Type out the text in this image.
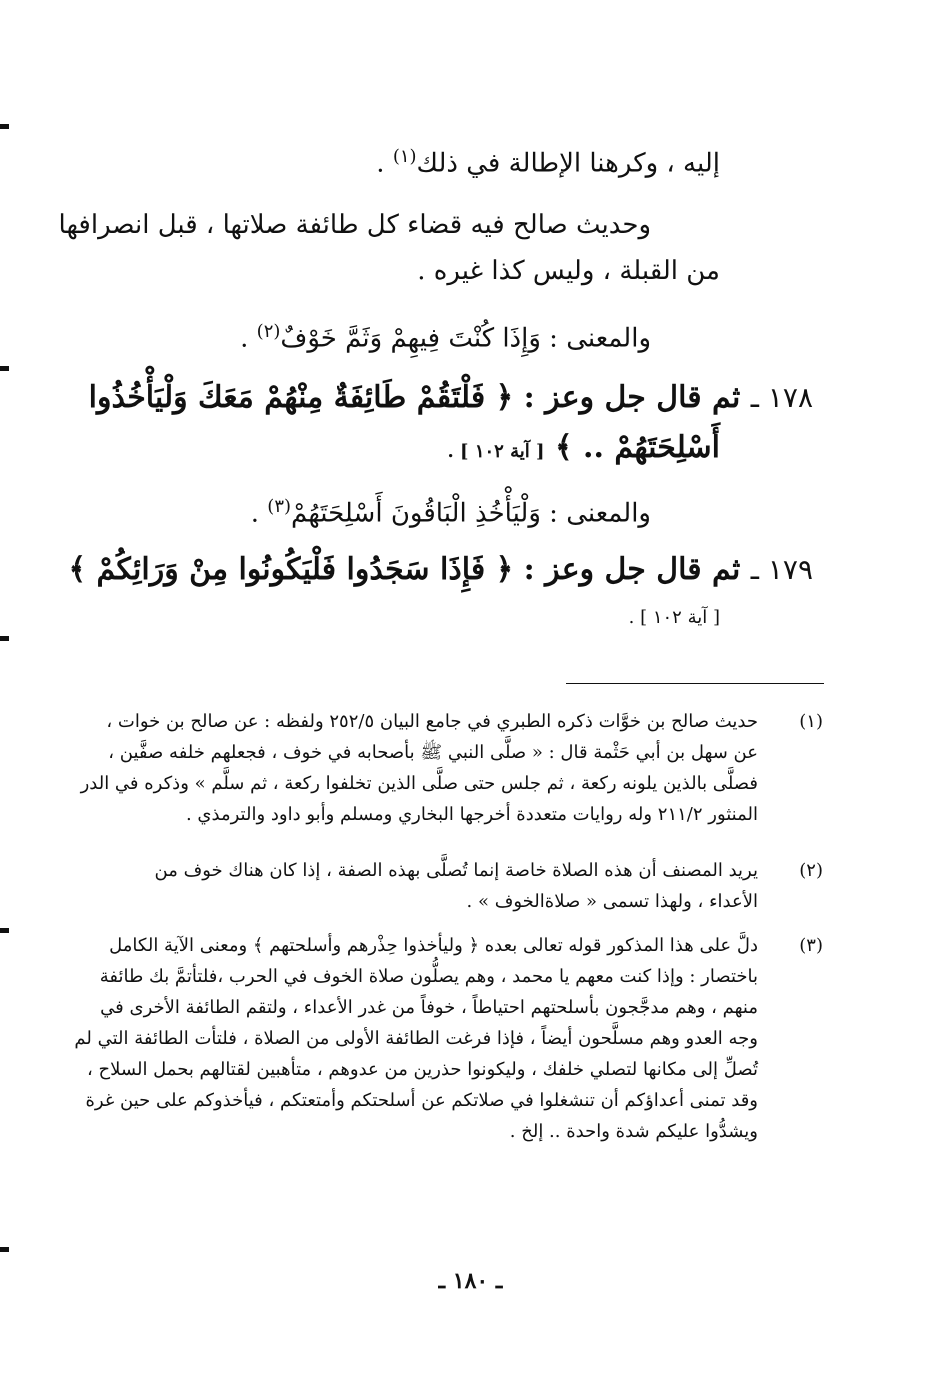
إليه ، وكرهنا الإطالة في ذلك$^{(١)}$ .
وحديث صالح فيه قضاء كل طائفة صلاتها ، قبل انصرافها
من القبلة ، وليس كذا غيره .
والمعنى : وَإِذَا كُنْتَ فِيهِمْ وَثَمَّ خَوْفٌ$^{(٢)}$ .
١٧٨ ـ ثم قال جل وعز : ﴿ فَلْتَقُمْ طَائِفَةٌ مِنْهُمْ مَعَكَ وَلْيَأْخُذُوا
أَسْلِحَتَهُمْ .. ﴾ [ آية ١٠٢ ] .
والمعنى : وَلْيَأْخُذِ الْبَاقُونَ أَسْلِحَتَهُمْ$^{(٣)}$ .
١٧٩ ـ ثم قال جل وعز : ﴿ فَإِذَا سَجَدُوا فَلْيَكُونُوا مِنْ وَرَائِكُمْ ﴾
[ آية ١٠٢ ] .
(١)

حديث صالح بن خوَّات ذكره الطبري في جامع البيان ٢٥٢/٥ ولفظه : عن صالح بن خوات ،

عن سهل بن أبي حَثْمة قال : « صلَّى النبي ﷺ بأصحابه في خوف ، فجعلهم خلفه صفَّين ،

فصلَّى بالذين يلونه ركعة ، ثم جلس حتى صلَّى الذين تخلفوا ركعة ، ثم سلَّم » وذكره في الدر

المنثور ٢١١/٢ وله روايات متعددة أخرجها البخاري ومسلم وأبو داود والترمذي .

(٢)

يريد المصنف أن هذه الصلاة خاصة إنما تُصلَّى بهذه الصفة ، إذا كان هناك خوف من

الأعداء ، ولهذا تسمى « صلاةالخوف » .

(٣)

دلَّ على هذا المذكور قوله تعالى بعده ﴿ وليأخذوا حِذْرهم وأسلحتهم ﴾ ومعنى الآية الكامل

باختصار : وإذا كنت معهم يا محمد ، وهم يصلُّون صلاة الخوف في الحرب ،فلتأتمَّ بك طائفة

منهم ، وهم مدجَّجون بأسلحتهم احتياطاً ، خوفاً من غدر الأعداء ، ولتقم الطائفة الأخرى في

وجه العدو وهم مسلَّحون أيضاً ، فإذا فرغت الطائفة الأولى من الصلاة ، فلتأت الطائفة التي لم

تُصلِّ إلى مكانها لتصلي خلفك ، وليكونوا حذرين من عدوهم ، متأهبين لقتالهم بحمل السلاح ،

وقد تمنى أعداؤكم أن تنشغلوا في صلاتكم عن أسلحتكم وأمتعتكم ، فيأخذوكم على حين غرة

ويشدُّوا عليكم شدة واحدة .. إلخ .

ـ ١٨٠ ـ
